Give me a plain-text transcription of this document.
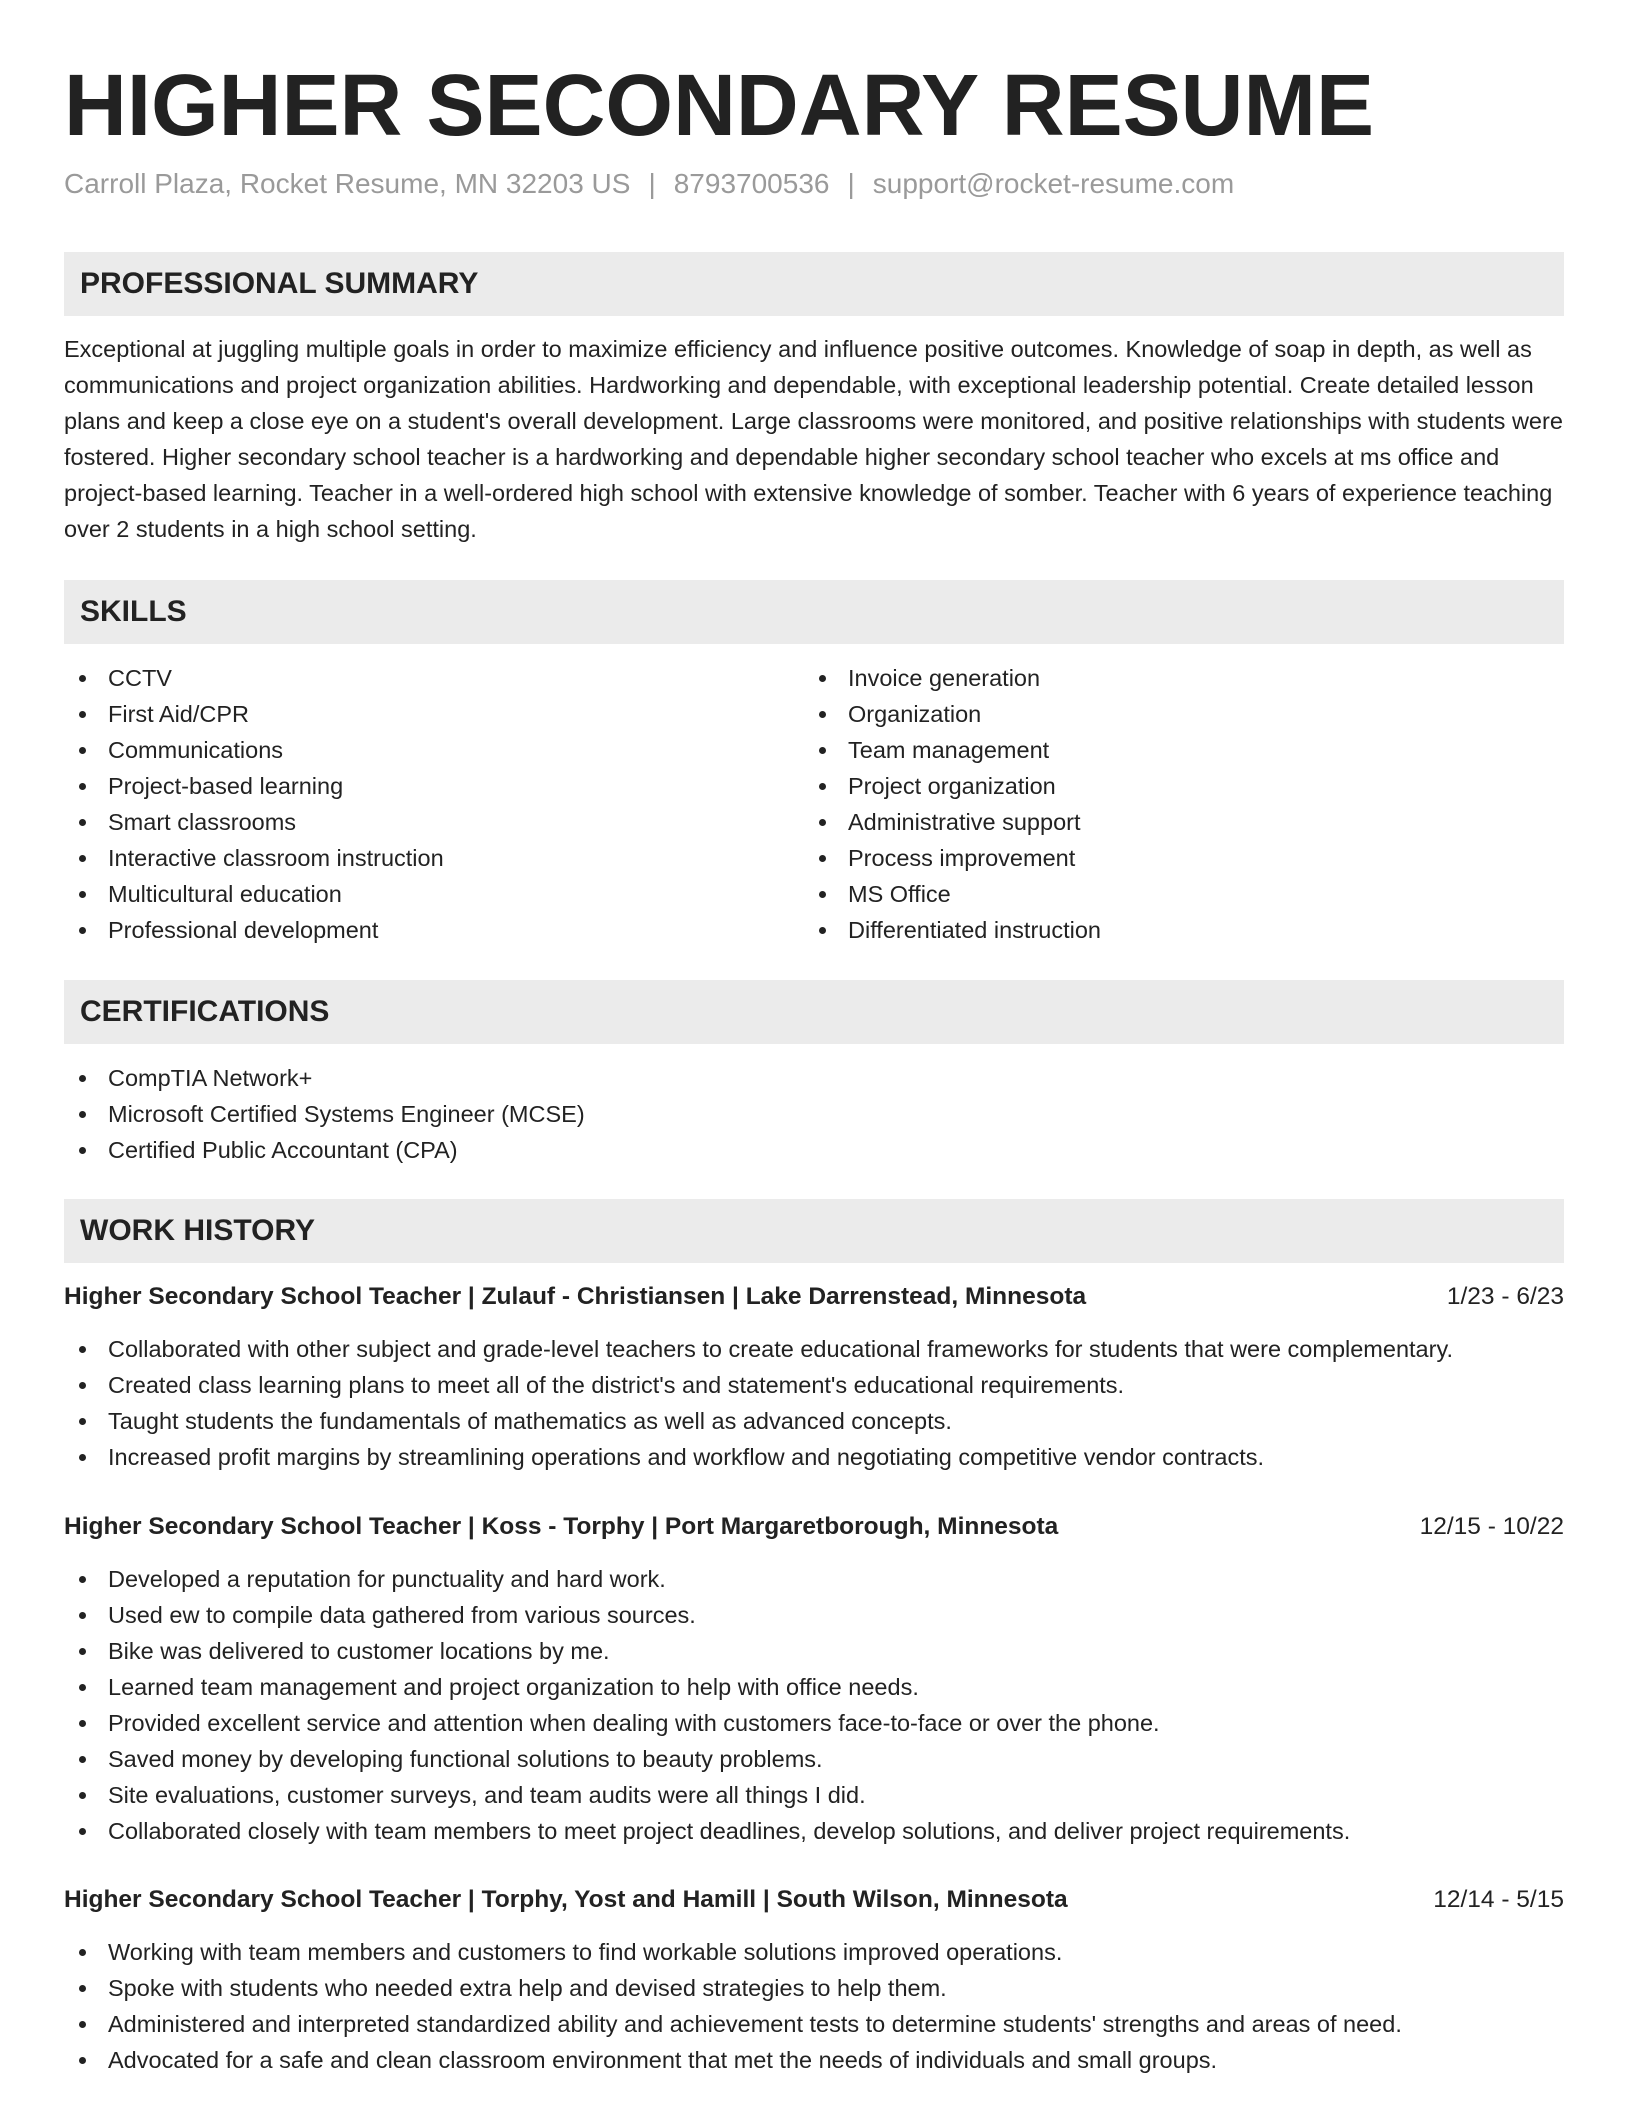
HIGHER SECONDARY RESUME
Carroll Plaza, Rocket Resume, MN 32203 US | 8793700536 | support@rocket-resume.com
PROFESSIONAL SUMMARY
Exceptional at juggling multiple goals in order to maximize efficiency and influence positive outcomes. Knowledge of soap in depth, as well as communications and project organization abilities. Hardworking and dependable, with exceptional leadership potential. Create detailed lesson plans and keep a close eye on a student's overall development. Large classrooms were monitored, and positive relationships with students were fostered. Higher secondary school teacher is a hardworking and dependable higher secondary school teacher who excels at ms office and project-based learning. Teacher in a well-ordered high school with extensive knowledge of somber. Teacher with 6 years of experience teaching over 2 students in a high school setting.
SKILLS
CCTV
First Aid/CPR
Communications
Project-based learning
Smart classrooms
Interactive classroom instruction
Multicultural education
Professional development
Invoice generation
Organization
Team management
Project organization
Administrative support
Process improvement
MS Office
Differentiated instruction
CERTIFICATIONS
CompTIA Network+
Microsoft Certified Systems Engineer (MCSE)
Certified Public Accountant (CPA)
WORK HISTORY
Higher Secondary School Teacher | Zulauf - Christiansen | Lake Darrenstead, Minnesota	1/23 - 6/23
Collaborated with other subject and grade-level teachers to create educational frameworks for students that were complementary.
Created class learning plans to meet all of the district's and statement's educational requirements.
Taught students the fundamentals of mathematics as well as advanced concepts.
Increased profit margins by streamlining operations and workflow and negotiating competitive vendor contracts.
Higher Secondary School Teacher | Koss - Torphy | Port Margaretborough, Minnesota	12/15 - 10/22
Developed a reputation for punctuality and hard work.
Used ew to compile data gathered from various sources.
Bike was delivered to customer locations by me.
Learned team management and project organization to help with office needs.
Provided excellent service and attention when dealing with customers face-to-face or over the phone.
Saved money by developing functional solutions to beauty problems.
Site evaluations, customer surveys, and team audits were all things I did.
Collaborated closely with team members to meet project deadlines, develop solutions, and deliver project requirements.
Higher Secondary School Teacher | Torphy, Yost and Hamill | South Wilson, Minnesota	12/14 - 5/15
Working with team members and customers to find workable solutions improved operations.
Spoke with students who needed extra help and devised strategies to help them.
Administered and interpreted standardized ability and achievement tests to determine students' strengths and areas of need.
Advocated for a safe and clean classroom environment that met the needs of individuals and small groups.
